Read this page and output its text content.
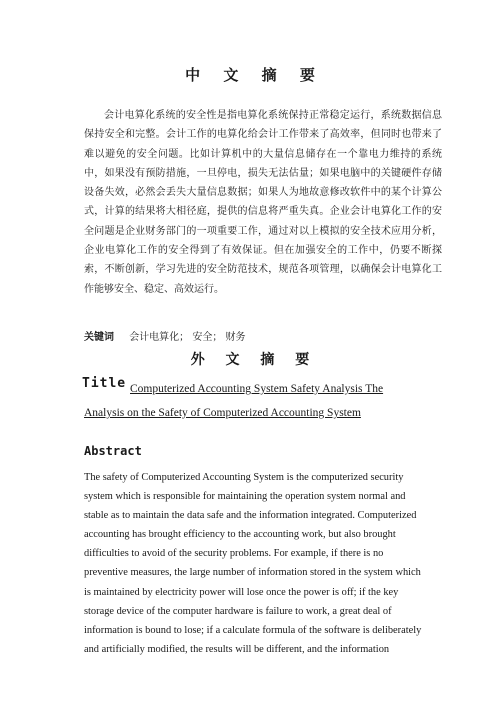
中 文 摘 要

会计电算化系统的安全性是指电算化系统保持正常稳定运行，系统数据信息保持安全和完整。会计工作的电算化给会计工作带来了高效率，但同时也带来了难以避免的安全问题。比如计算机中的大量信息储存在一个靠电力维持的系统中，如果没有预防措施，一旦停电，损失无法估量；如果电脑中的关键硬件存储设备失效，必然会丢失大量信息数据；如果人为地故意修改软件中的某个计算公式，计算的结果将大相径庭，提供的信息将严重失真。企业会计电算化工作的安全问题是企业财务部门的一项重要工作，通过对以上模拟的安全技术应用分析，企业电算化工作的安全得到了有效保证。但在加强安全的工作中，仍要不断探索，不断创新，学习先进的安全防范技术，规范各项管理，以确保会计电算化工作能够安全、稳定、高效运行。

关键词 会计电算化； 安全； 财务
外 文 摘 要

Computerized Accounting System Safety Analysis The Analysis on the Safety of Computerized Accounting System

Title
Abstract

The safety of Computerized Accounting System is the computerized security system which is responsible for maintaining the operation system normal and stable as to maintain the data safe and the information integrated. Computerized accounting has brought efficiency to the accounting work, but also brought difficulties to avoid of the security problems. For example, if there is no preventive measures, the large number of information stored in the system which is maintained by electricity power will lose once the power is off; if the key storage device of the computer hardware is failure to work, a great deal of information is bound to lose; if a calculate formula of the software is deliberately and artificially modified, the results will be different, and the information
